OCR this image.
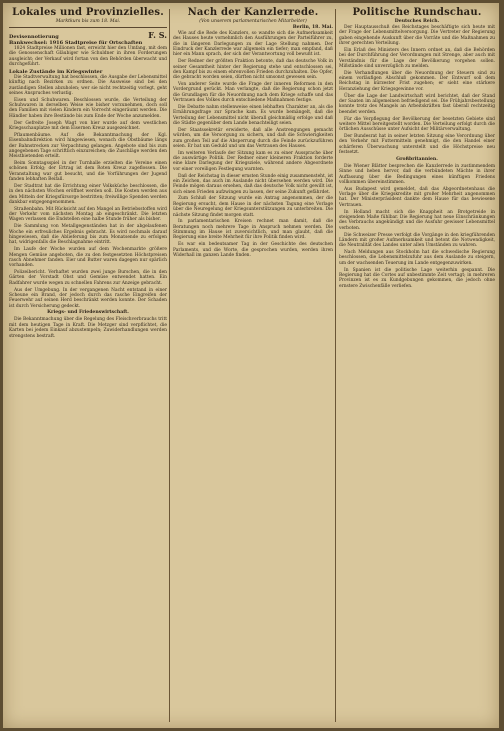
Lokales und Provinzielles.
Marktkurs bis zum 18. Mai.
Devisennotierung	F. S.
Bankwechsel: 1916 Stadtpreise für Ortschaften

1824 Stadtpreise Millionen fast, erreicht hier den Umfang, mit dem die Genossenschaft Gläubiger wie Schuldner in ihren Forderungen ausgleicht; der Verkauf wird fortan von den Behörden überwacht und durchgeführt.

Lokale Zustände im Kriegswinter

Die Stadtverwaltung hat beschlossen, die Ausgabe der Lebensmittel künftig nach Bezirken zu ordnen. Die Ausweise sind bei den zuständigen Stellen abzuholen; wer sie nicht rechtzeitig vorlegt, geht seines Anspruches verlustig.

Eisen und Schuhwaren. Beschlossen wurde, die Verteilung der Schuhwaren in derselben Weise wie bisher vorzunehmen, doch soll den Familien mit vielen Kindern ein Vorrecht eingeräumt werden. Die Händler haben ihre Bestände bis zum Ende der Woche anzumelden.

Der Gefreite Joseph Wagt von hier wurde auf dem westlichen Kriegsschauplatze mit dem Eisernen Kreuz ausgezeichnet.

Pflaumenbäume. Auf die Bekanntmachung der Kgl. Eisenbahndirektion wird hingewiesen, wonach die Obstbäume längs der Bahnstrecken zur Verpachtung gelangen. Angebote sind bis zum angegebenen Tage schriftlich einzureichen; die Zuschläge werden den Meistbietenden erteilt.

Beim Sonntagsspiel in der Turnhalle erzielten die Vereine einen schönen Erfolg; der Ertrag ist dem Roten Kreuz zugeflossen. Die Veranstaltung war gut besucht, und die Vorführungen der Jugend fanden lebhaften Beifall.

Der Stadtrat hat die Errichtung einer Volksküche beschlossen, die in den nächsten Wochen eröffnet werden soll. Die Kosten werden aus den Mitteln der Kriegsfürsorge bestritten; freiwillige Spenden werden dankbar entgegengenommen.

Straßenbahn. Mit Rücksicht auf den Mangel an Betriebsstoffen wird der Verkehr vom nächsten Montag ab eingeschränkt. Die letzten Wagen verlassen die Endstellen eine halbe Stunde früher als bisher.

Die Sammlung von Metallgegenständen hat in der abgelaufenen Woche ein erfreuliches Ergebnis gebracht. Es wird nochmals darauf hingewiesen, daß die Ablieferung bis zum Monatsende zu erfolgen hat, widrigenfalls die Beschlagnahme eintritt.

Im Laufe der Woche wurden auf dem Wochenmarkte größere Mengen Gemüse angeboten, die zu den festgesetzten Höchstpreisen rasch Abnehmer fanden. Eier und Butter waren dagegen nur spärlich vorhanden.

Polizeibericht. Verhaftet wurden zwei junge Burschen, die in den Gärten der Vorstadt Obst und Gemüse entwendet hatten. Ein Radfahrer wurde wegen zu schnellen Fahrens zur Anzeige gebracht.

Aus der Umgebung. In der vergangenen Nacht entstand in einer Scheune ein Brand, der jedoch durch das rasche Eingreifen der Feuerwehr auf seinen Herd beschränkt werden konnte. Der Schaden ist durch Versicherung gedeckt.

Kriegs- und Friedenswirtschaft.

Die Bekanntmachung über die Regelung des Fleischverbrauchs tritt mit dem heutigen Tage in Kraft. Die Metzger sind verpflichtet, die Karten bei jedem Einkauf abzustempeln; Zuwiderhandlungen werden strengstens bestraft.

Nach der Kanzlerrede.
(Von unserem parlamentarischen Mitarbeiter)
Berlin, 18. Mai.

Wie auf die Rede des Kanzlers, so wandte sich die Aufmerksamkeit des Hauses heute vornehmlich den Ausführungen der Parteiführer zu, die in längeren Darlegungen zu der Lage Stellung nahmen. Der Eindruck der Kanzlerrede war allgemein ein tiefer; man empfand, daß hier ein Mann sprach, der sich der Verantwortung voll bewußt ist.

Der Redner der größten Fraktion betonte, daß das deutsche Volk in seiner Gesamtheit hinter der Regierung stehe und entschlossen sei, den Kampf bis zu einem ehrenvollen Frieden durchzuhalten. Die Opfer, die gebracht worden seien, dürften nicht umsonst gewesen sein.

Von anderer Seite wurde die Frage der inneren Reformen in den Vordergrund gerückt. Man verlangte, daß die Regierung schon jetzt die Grundlagen für die Neuordnung nach dem Kriege schaffe und das Vertrauen des Volkes durch entschiedene Maßnahmen festige.

Die Debatte nahm stellenweise einen lebhaften Charakter an, als die Ernährungsfrage zur Sprache kam. Es wurde bemängelt, daß die Verteilung der Lebensmittel nicht überall gleichmäßig erfolge und daß die Städte gegenüber dem Lande benachteiligt seien.

Der Staatssekretär erwiderte, daß alle Anstrengungen gemacht würden, um die Versorgung zu sichern, und daß die Schwierigkeiten zum großen Teil auf die Absperrung durch die Feinde zurückzuführen seien. Er bat um Geduld und um das Vertrauen des Hauses.

Im weiteren Verlaufe der Sitzung kam es zu einer Aussprache über die auswärtige Politik. Der Redner einer kleineren Fraktion forderte eine klare Darlegung der Kriegsziele, während andere Abgeordnete vor einer voreiligen Festlegung warnten.

Daß der Reichstag in dieser ernsten Stunde einig zusammensteht, ist ein Zeichen, das auch im Auslande nicht übersehen werden wird. Die Feinde mögen daraus ersehen, daß das deutsche Volk nicht gewillt ist, sich einen Frieden aufzwingen zu lassen, der seine Zukunft gefährdet.

Zum Schluß der Sitzung wurde ein Antrag angenommen, der die Regierung ersucht, dem Hause in der nächsten Tagung eine Vorlage über die Neuregelung der Kriegsunterstützungen zu unterbreiten. Die nächste Sitzung findet morgen statt.

In parlamentarischen Kreisen rechnet man damit, daß die Beratungen noch mehrere Tage in Anspruch nehmen werden. Die Stimmung im Hause ist zuversichtlich, und man glaubt, daß die Regierung eine breite Mehrheit für ihre Politik finden wird.

Es war ein bedeutsamer Tag in der Geschichte des deutschen Parlaments, und die Worte, die gesprochen wurden, werden ihren Widerhall im ganzen Lande finden.

Politische Rundschau.
Deutsches Reich.

Der Hauptausschuß des Reichstages beschäftigte sich heute mit der Frage der Lebensmittelversorgung. Die Vertreter der Regierung gaben eingehende Auskunft über die Vorräte und die Maßnahmen zu ihrer gerechten Verteilung.

Ein Erlaß des Ministers des Innern ordnet an, daß die Behörden bei der Durchführung der Verordnungen mit Strenge, aber auch mit Verständnis für die Lage der Bevölkerung vorgehen sollen. Mißstände sind unverzüglich zu melden.

Die Verhandlungen über die Neuordnung der Steuern sind zu einem vorläufigen Abschluß gekommen. Der Entwurf soll dem Reichstag in kürzester Frist zugehen; er sieht eine stärkere Heranziehung der Kriegsgewinne vor.

Über die Lage der Landwirtschaft wird berichtet, daß der Stand der Saaten im allgemeinen befriedigend sei. Die Frühjahrsbestellung konnte trotz des Mangels an Arbeitskräften fast überall rechtzeitig beendet werden.

Für die Verpflegung der Bevölkerung der besetzten Gebiete sind weitere Mittel bereitgestellt worden. Die Verteilung erfolgt durch die örtlichen Ausschüsse unter Aufsicht der Militärverwaltung.

Der Bundesrat hat in seiner letzten Sitzung eine Verordnung über den Verkehr mit Futtermitteln genehmigt, die den Handel einer schärferen Überwachung unterstellt und die Höchstpreise neu festsetzt.

Großbritannien.

Die Wiener Blätter besprechen die Kanzlerrede in zustimmendem Sinne und heben hervor, daß die verbündeten Mächte in ihrer Auffassung über die Bedingungen eines künftigen Friedens vollkommen übereinstimmen.

Aus Budapest wird gemeldet, daß das Abgeordnetenhaus die Vorlage über die Kriegskredite mit großer Mehrheit angenommen hat. Der Ministerpräsident dankte dem Hause für das bewiesene Vertrauen.

In Holland macht sich die Knappheit an Brotgetreide in steigendem Maße fühlbar. Die Regierung hat neue Einschränkungen des Verbrauchs angekündigt und die Ausfuhr gewisser Lebensmittel verboten.

Die Schweizer Presse verfolgt die Vorgänge in den kriegführenden Ländern mit großer Aufmerksamkeit und betont die Notwendigkeit, die Neutralität des Landes unter allen Umständen zu wahren.

Nach Meldungen aus Stockholm hat die schwedische Regierung beschlossen, die Lebensmittelzufuhr aus dem Auslande zu steigern, um der wachsenden Teuerung im Lande entgegenzuwirken.

In Spanien ist die politische Lage weiterhin gespannt. Die Regierung hat die Cortes auf unbestimmte Zeit vertagt; in mehreren Provinzen ist es zu Kundgebungen gekommen, die jedoch ohne ernstere Zwischenfälle verliefen.
